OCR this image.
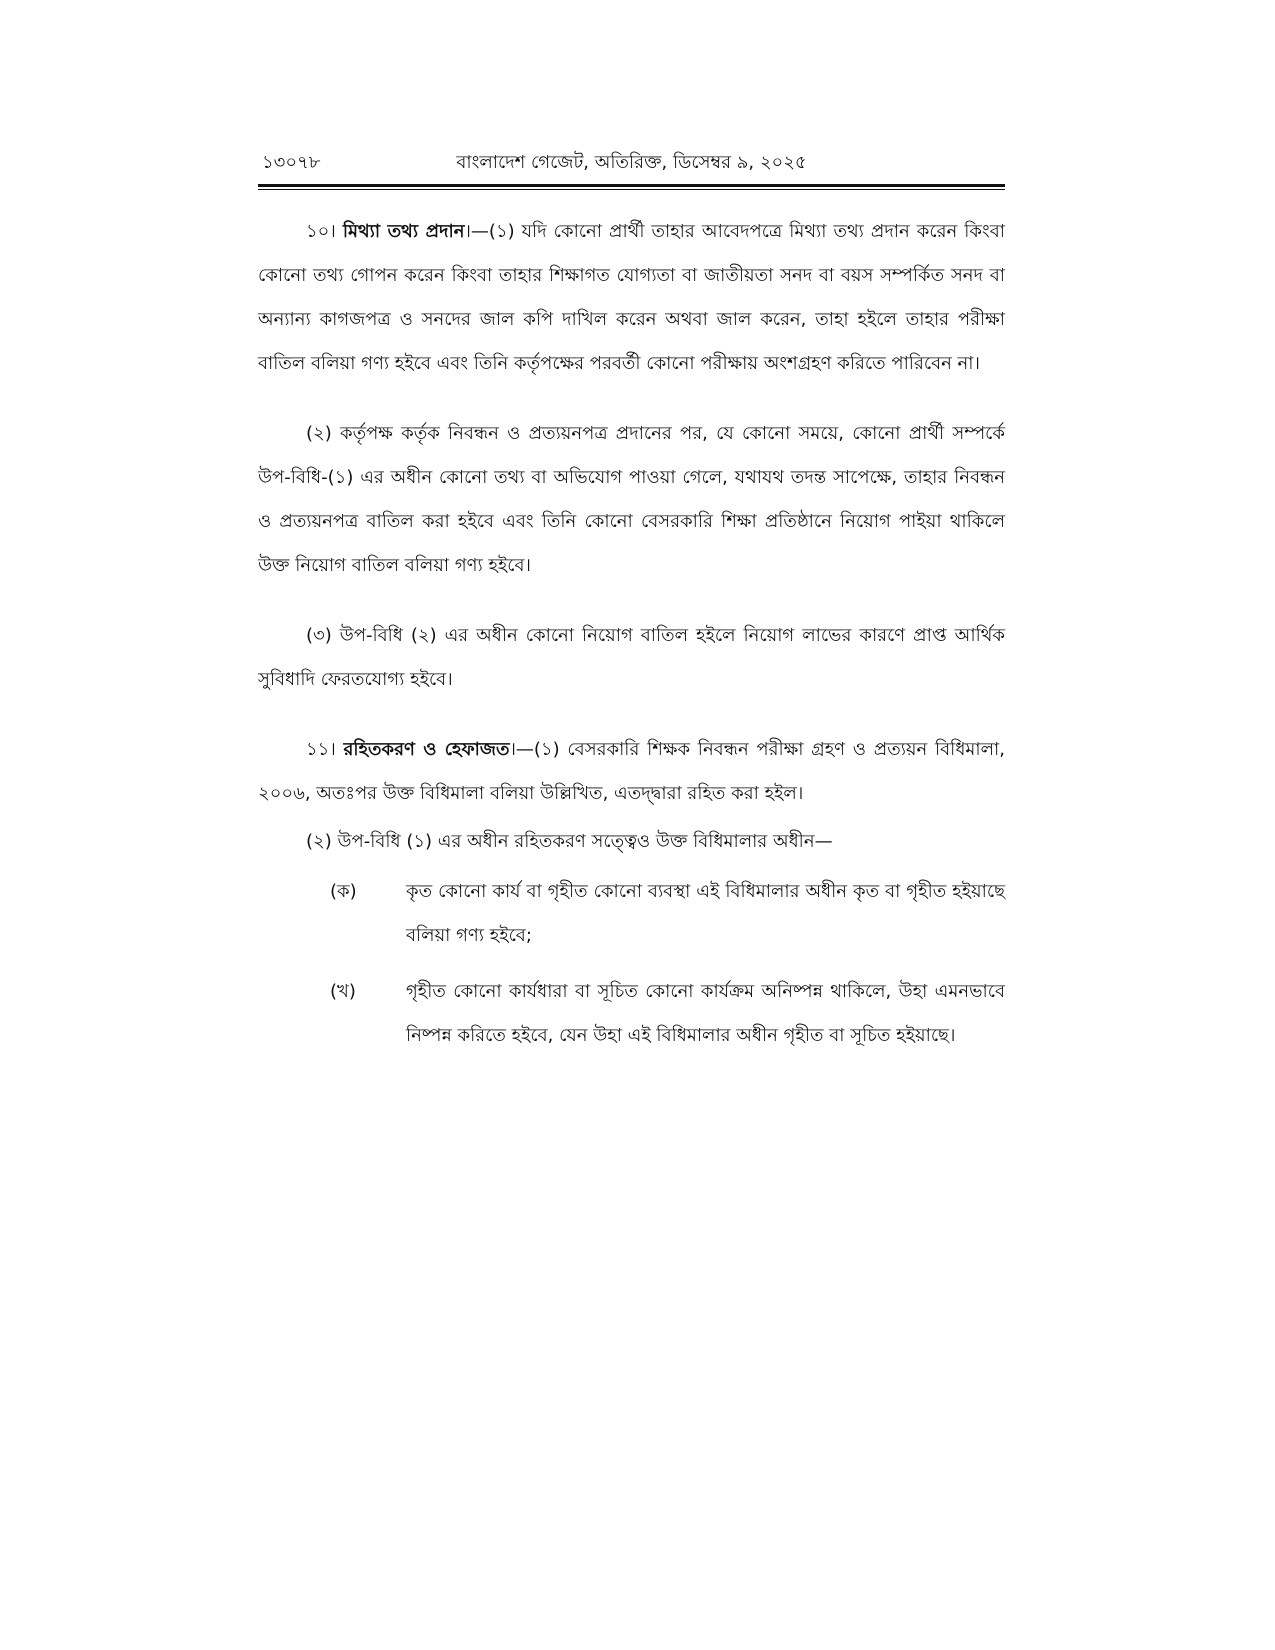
১৩০৭৮	বাংলাদেশ গেজেট, অতিরিক্ত, ডিসেম্বর ৯, ২০২৫

১০। মিথ্যা তথ্য প্রদান।—(১) যদি কোনো প্রার্থী তাহার আবেদপত্রে মিথ্যা তথ্য প্রদান করেন কিংবা কোনো তথ্য গোপন করেন কিংবা তাহার শিক্ষাগত যোগ্যতা বা জাতীয়তা সনদ বা বয়স সম্পর্কিত সনদ বা অন্যান্য কাগজপত্র ও সনদের জাল কপি দাখিল করেন অথবা জাল করেন, তাহা হইলে তাহার পরীক্ষা বাতিল বলিয়া গণ্য হইবে এবং তিনি কর্তৃপক্ষের পরবর্তী কোনো পরীক্ষায় অংশগ্রহণ করিতে পারিবেন না।

(২) কর্তৃপক্ষ কর্তৃক নিবন্ধন ও প্রত্যয়নপত্র প্রদানের পর, যে কোনো সময়ে, কোনো প্রার্থী সম্পর্কে উপ-বিধি-(১) এর অধীন কোনো তথ্য বা অভিযোগ পাওয়া গেলে, যথাযথ তদন্ত সাপেক্ষে, তাহার নিবন্ধন ও প্রত্যয়নপত্র বাতিল করা হইবে এবং তিনি কোনো বেসরকারি শিক্ষা প্রতিষ্ঠানে নিয়োগ পাইয়া থাকিলে উক্ত নিয়োগ বাতিল বলিয়া গণ্য হইবে।

(৩) উপ-বিধি (২) এর অধীন কোনো নিয়োগ বাতিল হইলে নিয়োগ লাভের কারণে প্রাপ্ত আর্থিক সুবিধাদি ফেরতযোগ্য হইবে।

১১। রহিতকরণ ও হেফাজত।—(১) বেসরকারি শিক্ষক নিবন্ধন পরীক্ষা গ্রহণ ও প্রত্যয়ন বিধিমালা, ২০০৬, অতঃপর উক্ত বিধিমালা বলিয়া উল্লিখিত, এতদ্দ্বারা রহিত করা হইল।

(২) উপ-বিধি (১) এর অধীন রহিতকরণ সত্ত্বেও উক্ত বিধিমালার অধীন—

(ক)	কৃত কোনো কার্য বা গৃহীত কোনো ব্যবস্থা এই বিধিমালার অধীন কৃত বা গৃহীত হইয়াছে বলিয়া গণ্য হইবে;
(খ)	গৃহীত কোনো কার্যধারা বা সূচিত কোনো কার্যক্রম অনিষ্পন্ন থাকিলে, উহা এমনভাবে নিষ্পন্ন করিতে হইবে, যেন উহা এই বিধিমালার অধীন গৃহীত বা সূচিত হইয়াছে।
